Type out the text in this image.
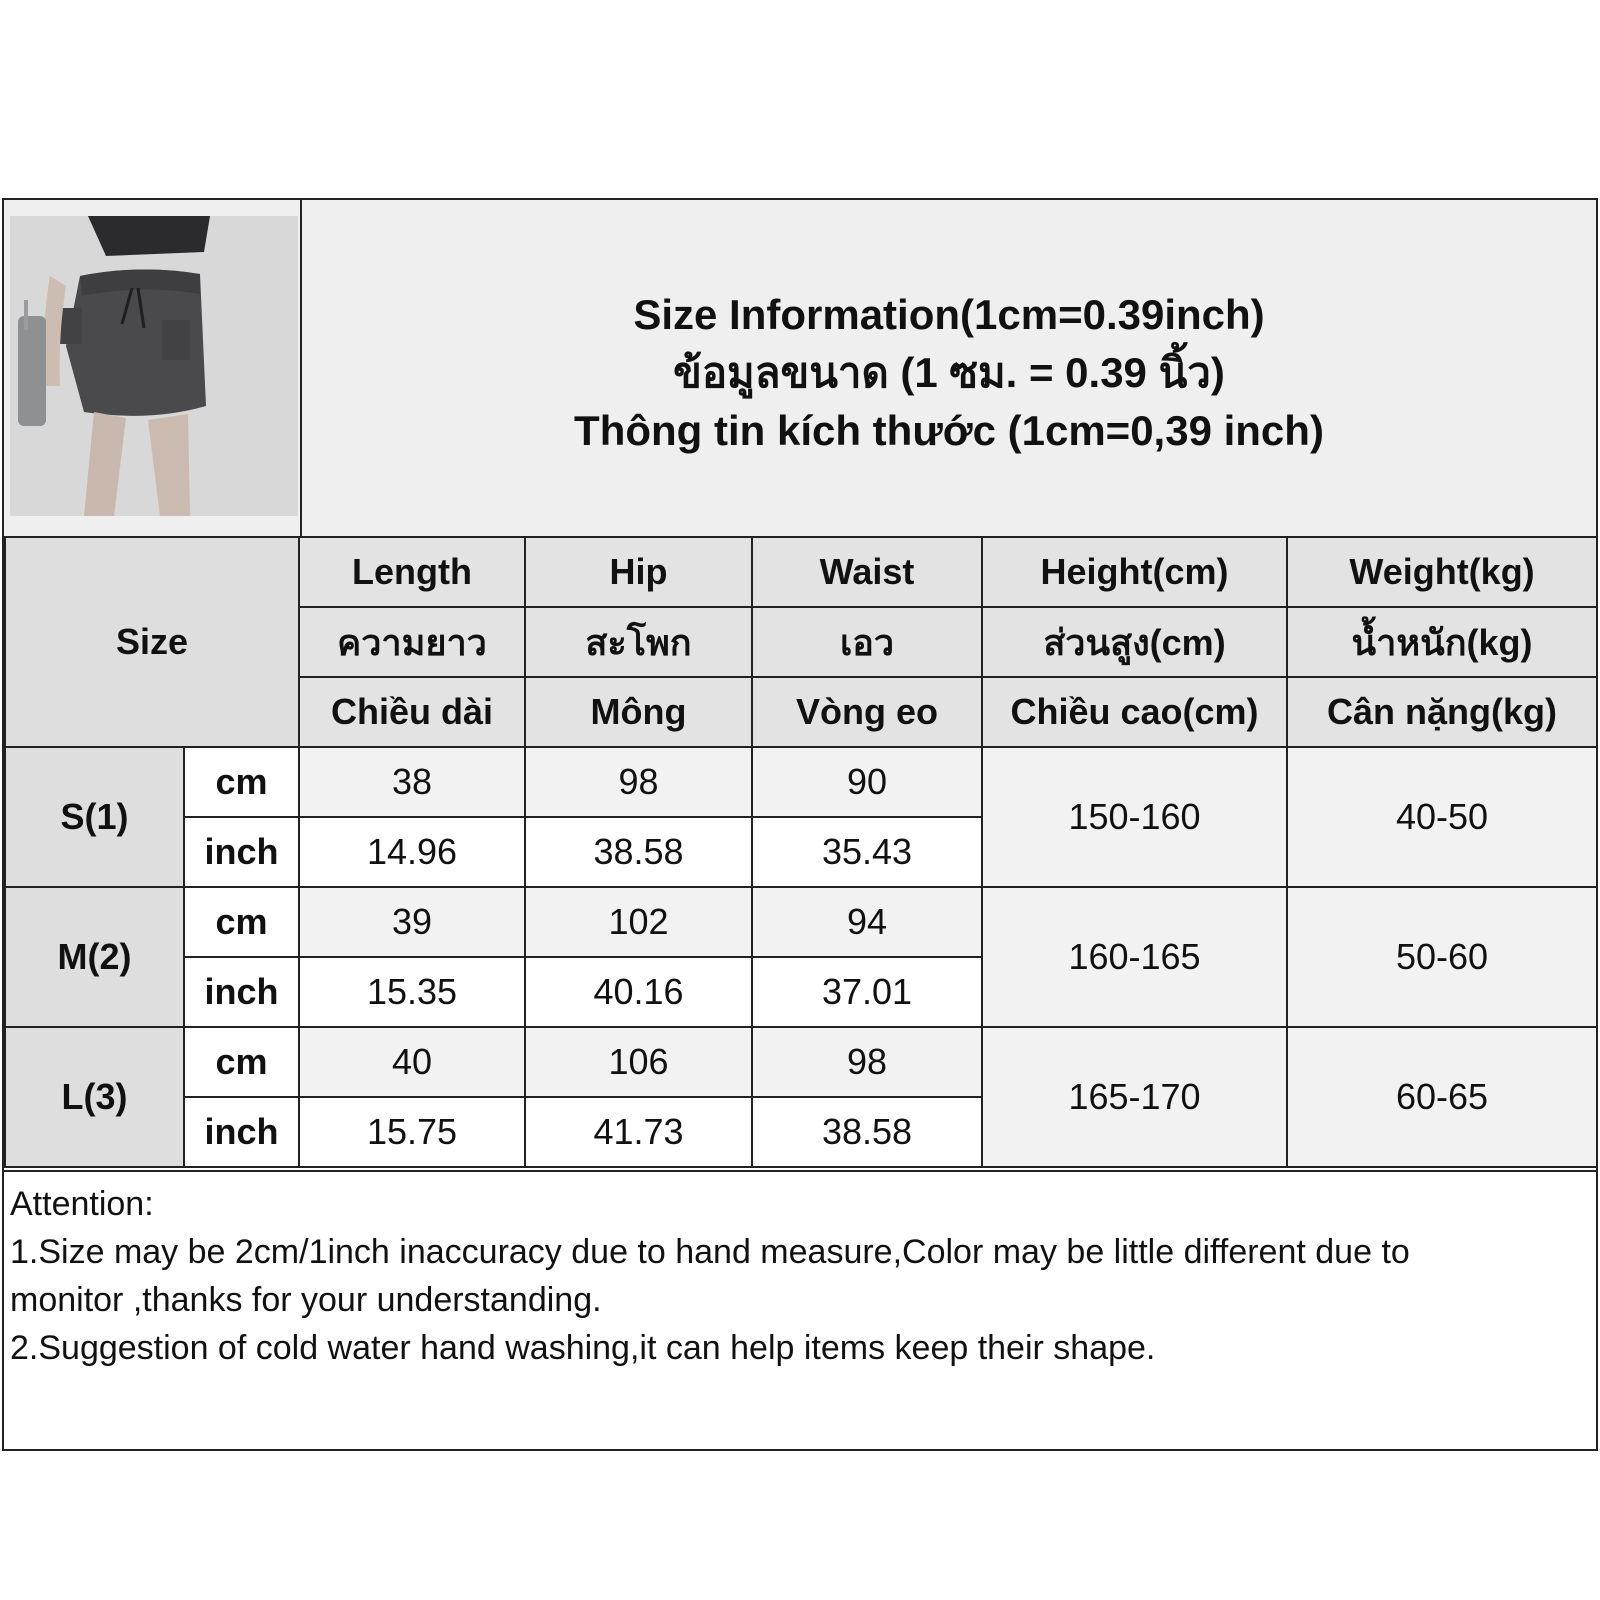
Size Information(1cm=0.39inch)
ข้อมูลขนาด (1 ซม. = 0.39 นิ้ว)
Thông tin kích thước (1cm=0,39 inch)
Size		Length	Hip	Waist	Height(cm)	Weight(kg)
		ความยาว	สะโพก	เอว	ส่วนสูง(cm)	น้ำหนัก(kg)
		Chiều dài	Mông	Vòng eo	Chiều cao(cm)	Cân nặng(kg)
S(1)	cm	38	98	90	150-160	40-50
	inch	14.96	38.58	35.43		
M(2)	cm	39	102	94	160-165	50-60
	inch	15.35	40.16	37.01		
L(3)	cm	40	106	98	165-170	60-65
	inch	15.75	41.73	38.58		
Attention:
1.Size may be 2cm/1inch inaccuracy due to hand measure,Color may be little different due to
monitor ,thanks for your understanding.
2.Suggestion of cold water hand washing,it can help items keep their shape.
